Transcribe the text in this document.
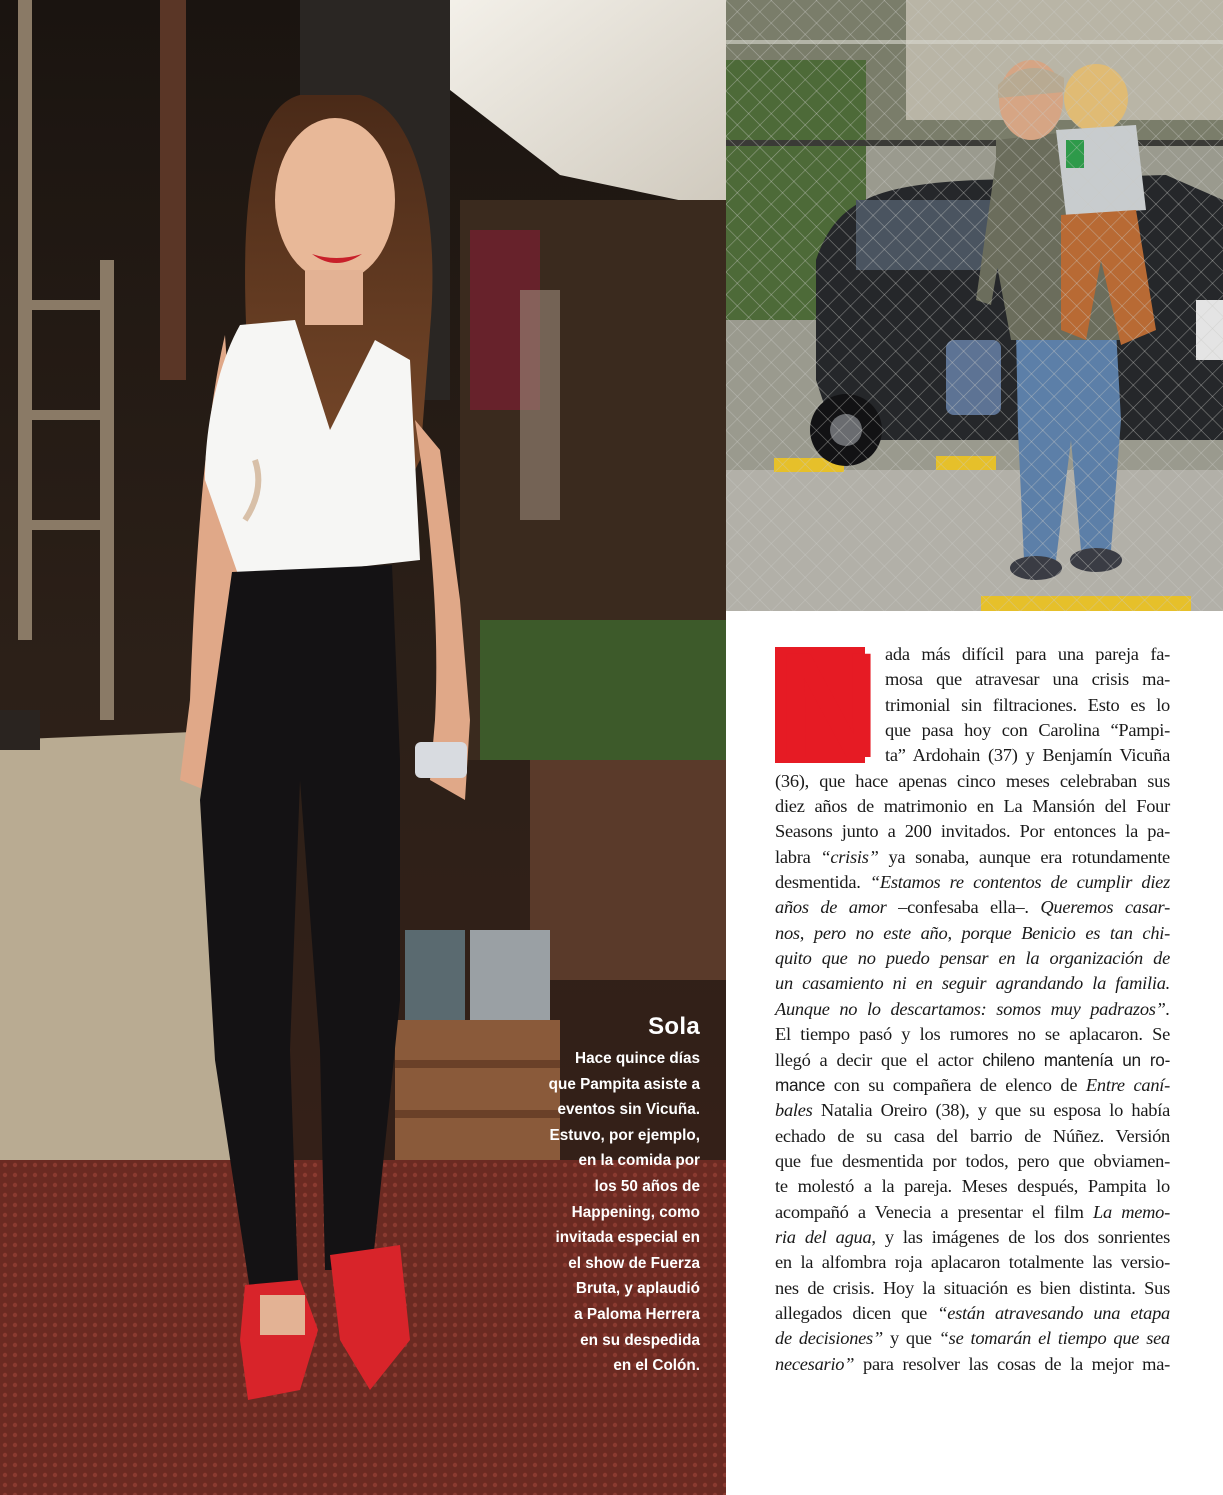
Sola
Hace quince días
que Pampita asiste a
eventos sin Vicuña.
Estuvo, por ejemplo,
en la comida por
los 50 años de
Happening, como
invitada especial en
el show de Fuerza
Bruta, y aplaudió
a Paloma Herrera
en su despedida
en el Colón.
ada más difícil para una pareja fa-
mosa que atravesar una crisis ma-
trimonial sin filtraciones. Esto es lo
que pasa hoy con Carolina “Pampi-
ta” Ardohain (37) y Benjamín Vicuña
(36), que hace apenas cinco meses celebraban sus
diez años de matrimonio en La Mansión del Four
Seasons junto a 200 invitados. Por entonces la pa-
labra “crisis” ya sonaba, aunque era rotundamente
desmentida. “Estamos re contentos de cumplir diez
años de amor –confesaba ella–. Queremos casar-
nos, pero no este año, porque Benicio es tan chi-
quito que no puedo pensar en la organización de
un casamiento ni en seguir agrandando la familia.
Aunque no lo descartamos: somos muy padrazos”.
El tiempo pasó y los rumores no se aplacaron. Se
llegó a decir que el actor chileno mantenía un ro-
mance con su compañera de elenco de Entre caní-
bales Natalia Oreiro (38), y que su esposa lo había
echado de su casa del barrio de Núñez. Versión
que fue desmentida por todos, pero que obviamen-
te molestó a la pareja. Meses después, Pampita lo
acompañó a Venecia a presentar el film La memo-
ria del agua, y las imágenes de los dos sonrientes
en la alfombra roja aplacaron totalmente las versio-
nes de crisis. Hoy la situación es bien distinta. Sus
allegados dicen que “están atravesando una etapa
de decisiones” y que “se tomarán el tiempo que sea
necesario” para resolver las cosas de la mejor ma-
N
